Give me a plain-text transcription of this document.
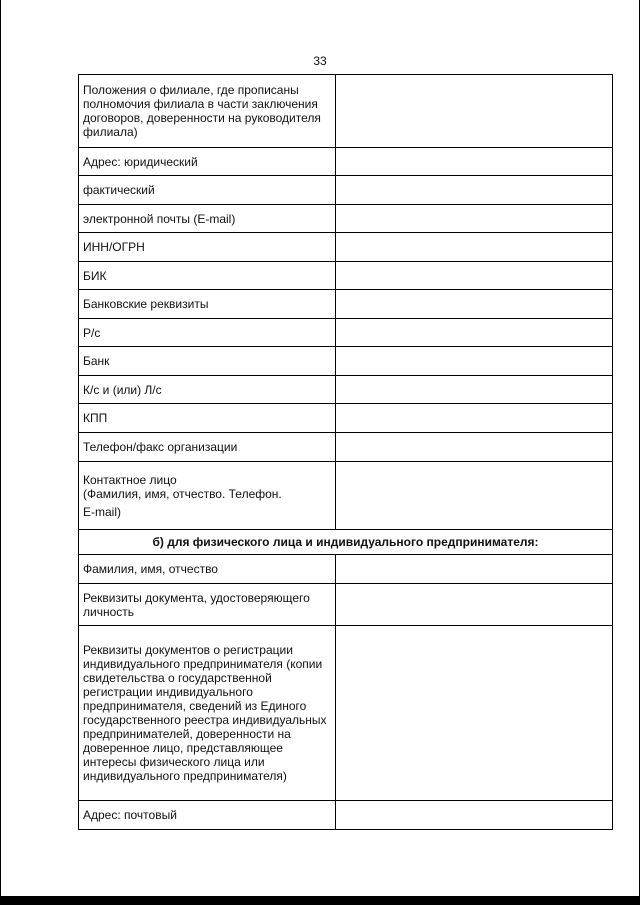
33
Положения о филиале, где прописаны полномочия филиала в части заключения договоров, доверенности на руководителя филиала)	
Адрес: юридический	
фактический	
электронной почты (E-mail)	
ИНН/ОГРН	
БИК	
Банковские реквизиты	
Р/с	
Банк	
К/с и (или) Л/с	
КПП	
Телефон/факс организации	

Контактное лицо
(Фамилия, имя, отчество. Телефон.
E-mail)	

б) для физического лица и индивидуального предпринимателя:	
Фамилия, имя, отчество	
Реквизиты документа, удостоверяющего личность	
Реквизиты документов о регистрации индивидуального предпринимателя (копии свидетельства о государственной регистрации индивидуального предпринимателя, сведений из Единого государственного реестра индивидуальных предпринимателей, доверенности на доверенное лицо, представляющее интересы физического лица или индивидуального предпринимателя)	
Адрес: почтовый	
